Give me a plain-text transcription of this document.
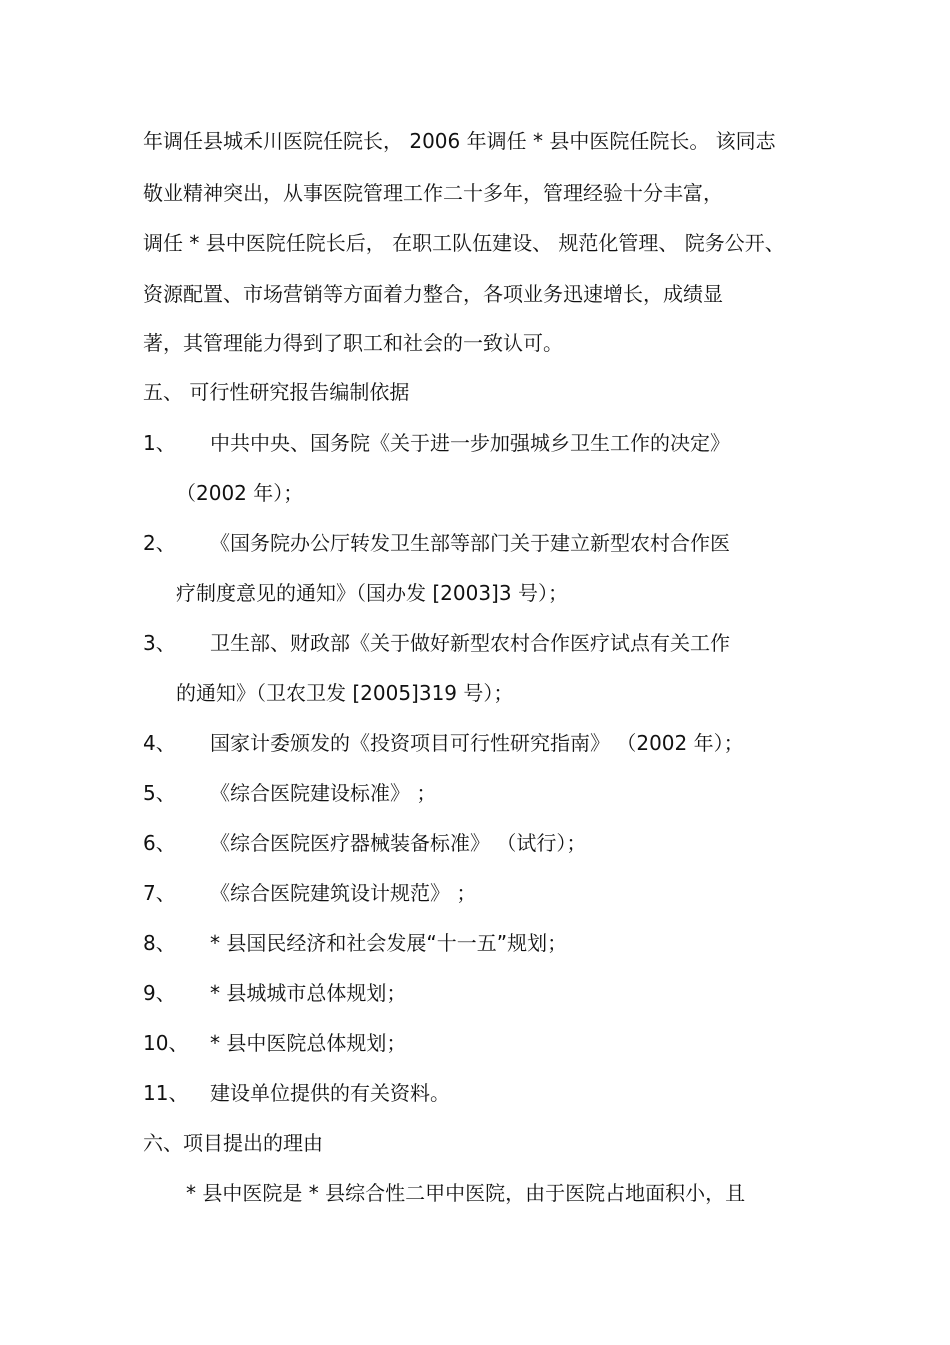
年调任县城禾川医院任院长， 2006 年调任 * 县中医院任院长。 该同志
敬业精神突出，从事医院管理工作二十多年，管理经验十分丰富，
调任 * 县中医院任院长后， 在职工队伍建设、 规范化管理、 院务公开、
资源配置、市场营销等方面着力整合，各项业务迅速增长，成绩显
著，其管理能力得到了职工和社会的一致认可。
五、 可行性研究报告编制依据
1、 中共中央、国务院《关于进一步加强城乡卫生工作的决定》
（2002 年）；
2、 《国务院办公厅转发卫生部等部门关于建立新型农村合作医
疗制度意见的通知》（国办发 [2003]3 号）；
3、 卫生部、财政部《关于做好新型农村合作医疗试点有关工作
的通知》（卫农卫发 [2005]319 号）；
4、 国家计委颁发的《投资项目可行性研究指南》 （2002 年）；
5、 《综合医院建设标准》 ；
6、 《综合医院医疗器械装备标准》 （试行）；
7、 《综合医院建筑设计规范》 ；
8、 * 县国民经济和社会发展“十一五”规划；
9、 * 县城城市总体规划；
10、 * 县中医院总体规划；
11、 建设单位提供的有关资料。
六、项目提出的理由
* 县中医院是 * 县综合性二甲中医院，由于医院占地面积小，且
